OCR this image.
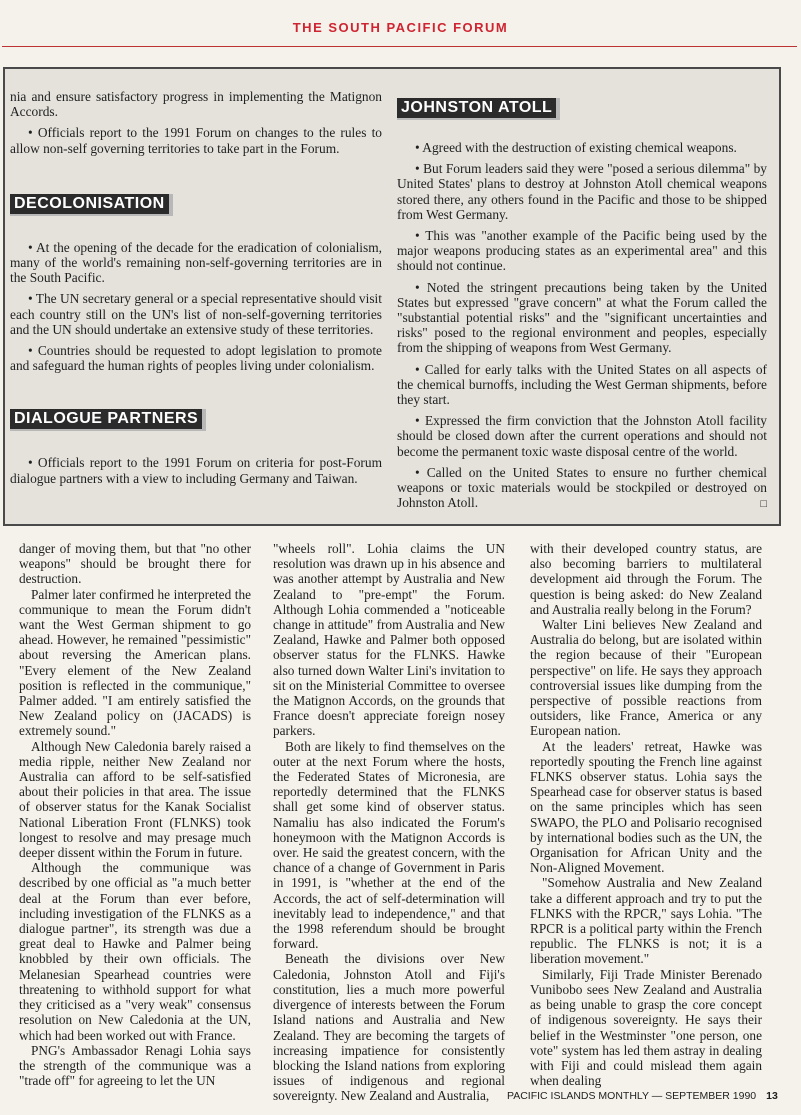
THE SOUTH PACIFIC FORUM

nia and ensure satisfactory progress in implementing the Matignon Accords.

• Officials report to the 1991 Forum on changes to the rules to allow non-self governing territories to take part in the Forum.

DECOLONISATION

• At the opening of the decade for the eradication of colonialism, many of the world's remaining non-self-governing territories are in the South Pacific.

• The UN secretary general or a special representative should visit each country still on the UN's list of non-self-governing territories and the UN should undertake an extensive study of these territories.

• Countries should be requested to adopt legislation to promote and safeguard the human rights of peoples living under colonialism.

DIALOGUE PARTNERS

• Officials report to the 1991 Forum on criteria for post-Forum dialogue partners with a view to including Germany and Taiwan.

JOHNSTON ATOLL

• Agreed with the destruction of existing chemical weapons.

• But Forum leaders said they were "posed a serious dilemma" by United States' plans to destroy at Johnston Atoll chemical weapons stored there, any others found in the Pacific and those to be shipped from West Germany.

• This was "another example of the Pacific being used by the major weapons producing states as an experimental area" and this should not continue.

• Noted the stringent precautions being taken by the United States but expressed "grave concern" at what the Forum called the "substantial potential risks" and the "significant uncertainties and risks" posed to the regional environment and peoples, especially from the shipping of weapons from West Germany.

• Called for early talks with the United States on all aspects of the chemical burnoffs, including the West German shipments, before they start.

• Expressed the firm conviction that the Johnston Atoll facility should be closed down after the current operations and should not become the permanent toxic waste disposal centre of the world.

• Called on the United States to ensure no further chemical weapons or toxic materials would be stockpiled or destroyed on Johnston Atoll.	□

danger of moving them, but that "no other weapons" should be brought there for destruction.

Palmer later confirmed he interpreted the communique to mean the Forum didn't want the West German shipment to go ahead. However, he remained "pessimistic" about reversing the American plans. "Every element of the New Zealand position is reflected in the communique," Palmer added. "I am entirely satisfied the New Zealand policy on (JACADS) is extremely sound."

Although New Caledonia barely raised a media ripple, neither New Zealand nor Australia can afford to be self-satisfied about their policies in that area. The issue of observer status for the Kanak Socialist National Liberation Front (FLNKS) took longest to resolve and may presage much deeper dissent within the Forum in future.

Although the communique was described by one official as "a much better deal at the Forum than ever before, including investigation of the FLNKS as a dialogue partner", its strength was due a great deal to Hawke and Palmer being knobbled by their own officials. The Melanesian Spearhead countries were threatening to withhold support for what they criticised as a "very weak" consensus resolution on New Caledonia at the UN, which had been worked out with France.

PNG's Ambassador Renagi Lohia says the strength of the communique was a "trade off" for agreeing to let the UN

"wheels roll". Lohia claims the UN resolution was drawn up in his absence and was another attempt by Australia and New Zealand to "pre-empt" the Forum. Although Lohia commended a "noticeable change in attitude" from Australia and New Zealand, Hawke and Palmer both opposed observer status for the FLNKS. Hawke also turned down Walter Lini's invitation to sit on the Ministerial Committee to oversee the Matignon Accords, on the grounds that France doesn't appreciate foreign nosey parkers.

Both are likely to find themselves on the outer at the next Forum where the hosts, the Federated States of Micronesia, are reportedly determined that the FLNKS shall get some kind of observer status. Namaliu has also indicated the Forum's honeymoon with the Matignon Accords is over. He said the greatest concern, with the chance of a change of Government in Paris in 1991, is "whether at the end of the Accords, the act of self-determination will inevitably lead to independence," and that the 1998 referendum should be brought forward.

Beneath the divisions over New Caledonia, Johnston Atoll and Fiji's constitution, lies a much more powerful divergence of interests between the Forum Island nations and Australia and New Zealand. They are becoming the targets of increasing impatience for consistently blocking the Island nations from exploring issues of indigenous and regional sovereignty. New Zealand and Australia,

with their developed country status, are also becoming barriers to multilateral development aid through the Forum. The question is being asked: do New Zealand and Australia really belong in the Forum?

Walter Lini believes New Zealand and Australia do belong, but are isolated within the region because of their "European perspective" on life. He says they approach controversial issues like dumping from the perspective of possible reactions from outsiders, like France, America or any European nation.

At the leaders' retreat, Hawke was reportedly spouting the French line against FLNKS observer status. Lohia says the Spearhead case for observer status is based on the same principles which has seen SWAPO, the PLO and Polisario recognised by international bodies such as the UN, the Organisation for African Unity and the Non-Aligned Movement.

"Somehow Australia and New Zealand take a different approach and try to put the FLNKS with the RPCR," says Lohia. "The RPCR is a political party within the French republic. The FLNKS is not; it is a liberation movement."

Similarly, Fiji Trade Minister Berenado Vunibobo sees New Zealand and Australia as being unable to grasp the core concept of indigenous sovereignty. He says their belief in the Westminster "one person, one vote" system has led them astray in dealing with Fiji and could mislead them again when dealing

PACIFIC ISLANDS MONTHLY — SEPTEMBER 1990 13
